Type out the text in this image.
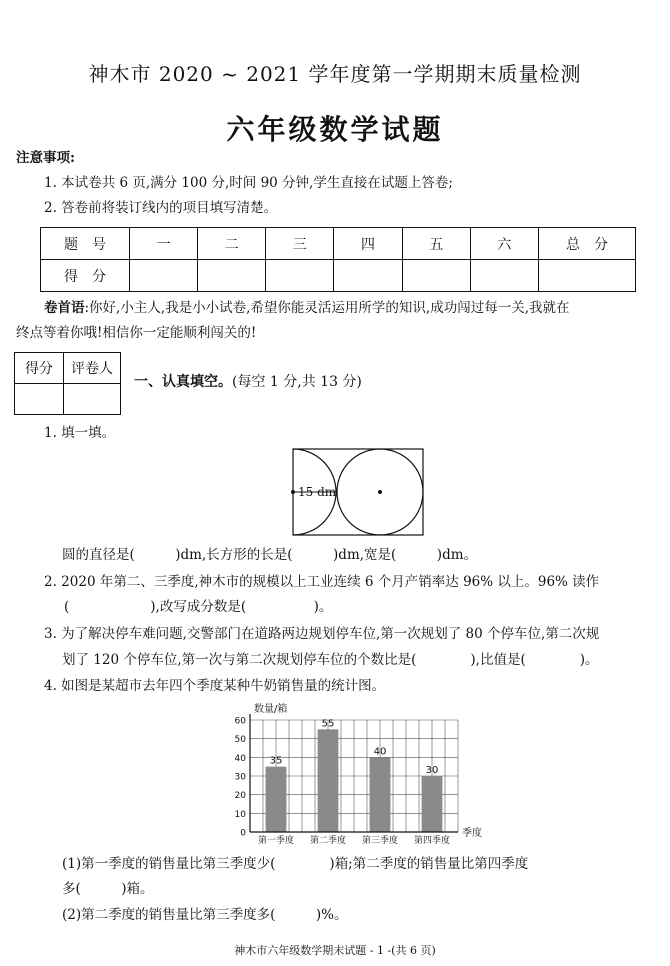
神木市 2020 ~ 2021 学年度第一学期期末质量检测
六年级数学试题
注意事项:
1. 本试卷共 6 页,满分 100 分,时间 90 分钟,学生直接在试题上答卷;
2. 答卷前将装订线内的项目填写清楚。
题　号	一	二	三	四	五	六	总　分
得　分							
卷首语:你好,小主人,我是小小试卷,希望你能灵活运用所学的知识,成功闯过每一关,我就在
终点等着你哦!相信你一定能顺利闯关的!
得分	评卷人

一、认真填空。(每空 1 分,共 13 分)
1. 填一填。
15 dm
圆的直径是(　　　)dm,长方形的长是(　　　)dm,宽是(　　　)dm。
2. 2020 年第二、三季度,神木市的规模以上工业连续 6 个月产销率达 96% 以上。96% 读作
(　　　　　　),改写成分数是(　　　　　)。
3. 为了解决停车难问题,交警部门在道路两边规划停车位,第一次规划了 80 个停车位,第二次规
划了 120 个停车位,第一次与第二次规划停车位的个数比是(　　　　),比值是(　　　　)。
4. 如图是某超市去年四个季度某种牛奶销售量的统计图。
0
10
20
30
40
50
60
35
第一季度
55
第二季度
40
第三季度
30
第四季度
数量/箱
季度
(1)第一季度的销售量比第三季度少(　　　　)箱;第二季度的销售量比第四季度
多(　　　)箱。
(2)第二季度的销售量比第三季度多(　　　)%。
神木市六年级数学期末试题 - 1 -(共 6 页)
